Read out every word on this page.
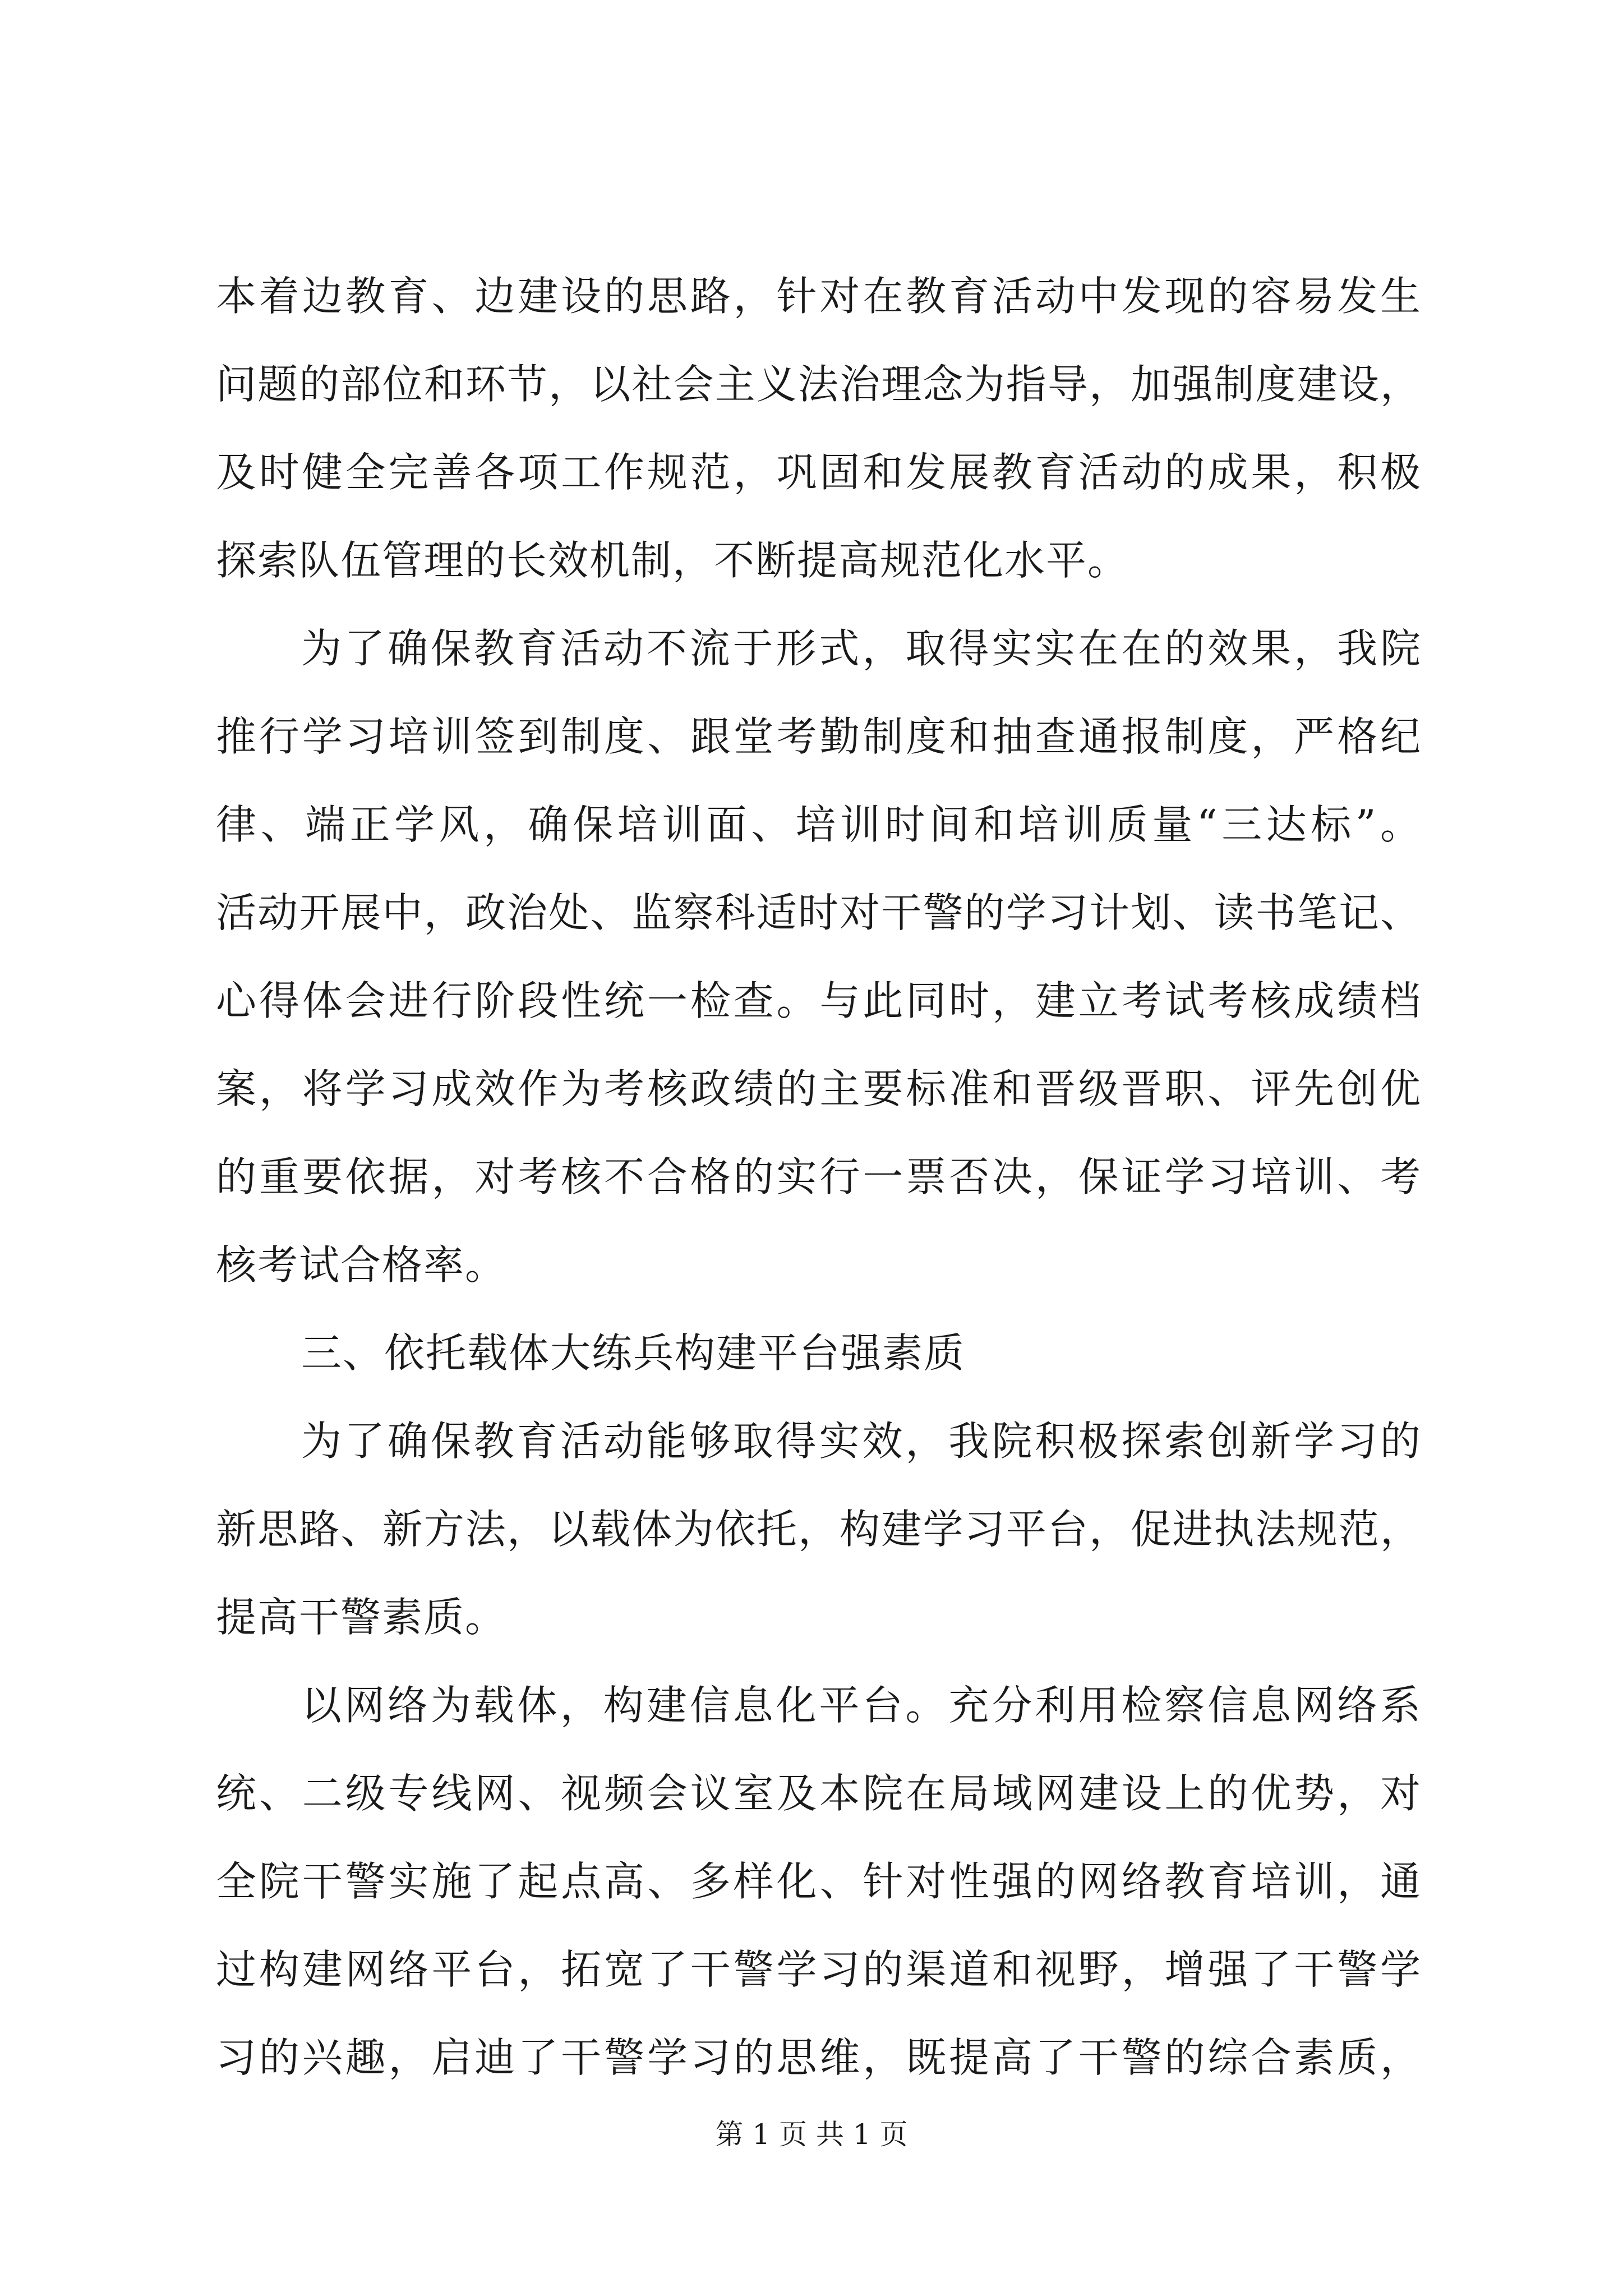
本着边教育、边建设的思路，针对在教育活动中发现的容易发生
问题的部位和环节，以社会主义法治理念为指导，加强制度建设，
及时健全完善各项工作规范，巩固和发展教育活动的成果，积极
探索队伍管理的长效机制，不断提高规范化水平。
为了确保教育活动不流于形式，取得实实在在的效果，我院
推行学习培训签到制度、跟堂考勤制度和抽查通报制度，严格纪
律、端正学风，确保培训面、培训时间和培训质量“三达标”。
活动开展中，政治处、监察科适时对干警的学习计划、读书笔记、
心得体会进行阶段性统一检查。与此同时，建立考试考核成绩档
案，将学习成效作为考核政绩的主要标准和晋级晋职、评先创优
的重要依据，对考核不合格的实行一票否决，保证学习培训、考
核考试合格率。
三、依托载体大练兵构建平台强素质
为了确保教育活动能够取得实效，我院积极探索创新学习的
新思路、新方法，以载体为依托，构建学习平台，促进执法规范，
提高干警素质。
以网络为载体，构建信息化平台。充分利用检察信息网络系
统、二级专线网、视频会议室及本院在局域网建设上的优势，对
全院干警实施了起点高、多样化、针对性强的网络教育培训，通
过构建网络平台，拓宽了干警学习的渠道和视野，增强了干警学
习的兴趣，启迪了干警学习的思维，既提高了干警的综合素质，
第 1 页 共 1 页
